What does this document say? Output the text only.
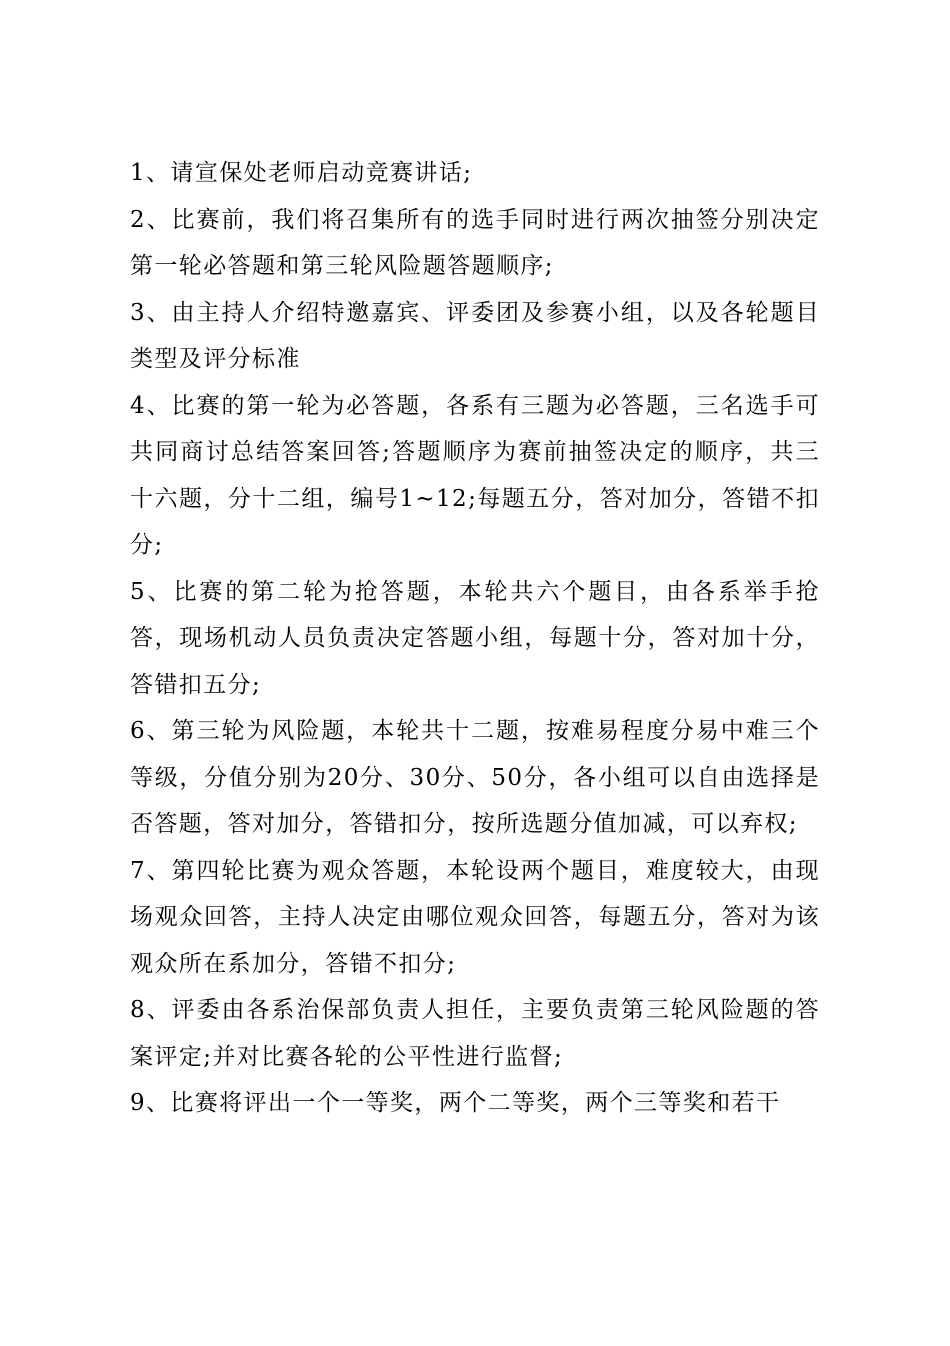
1、请宣保处老师启动竞赛讲话;

2、比赛前，我们将召集所有的选手同时进行两次抽签分别决定第一轮必答题和第三轮风险题答题顺序;

3、由主持人介绍特邀嘉宾、评委团及参赛小组，以及各轮题目类型及评分标准

4、比赛的第一轮为必答题，各系有三题为必答题，三名选手可共同商讨总结答案回答;答题顺序为赛前抽签决定的顺序，共三十六题，分十二组，编号1~12;每题五分，答对加分，答错不扣分;

5、比赛的第二轮为抢答题，本轮共六个题目，由各系举手抢答，现场机动人员负责决定答题小组，每题十分，答对加十分，答错扣五分;

6、第三轮为风险题，本轮共十二题，按难易程度分易中难三个等级，分值分别为20分、30分、50分，各小组可以自由选择是否答题，答对加分，答错扣分，按所选题分值加减，可以弃权;

7、第四轮比赛为观众答题，本轮设两个题目，难度较大，由现场观众回答，主持人决定由哪位观众回答，每题五分，答对为该观众所在系加分，答错不扣分;

8、评委由各系治保部负责人担任，主要负责第三轮风险题的答案评定;并对比赛各轮的公平性进行监督;

9、比赛将评出一个一等奖，两个二等奖，两个三等奖和若干
